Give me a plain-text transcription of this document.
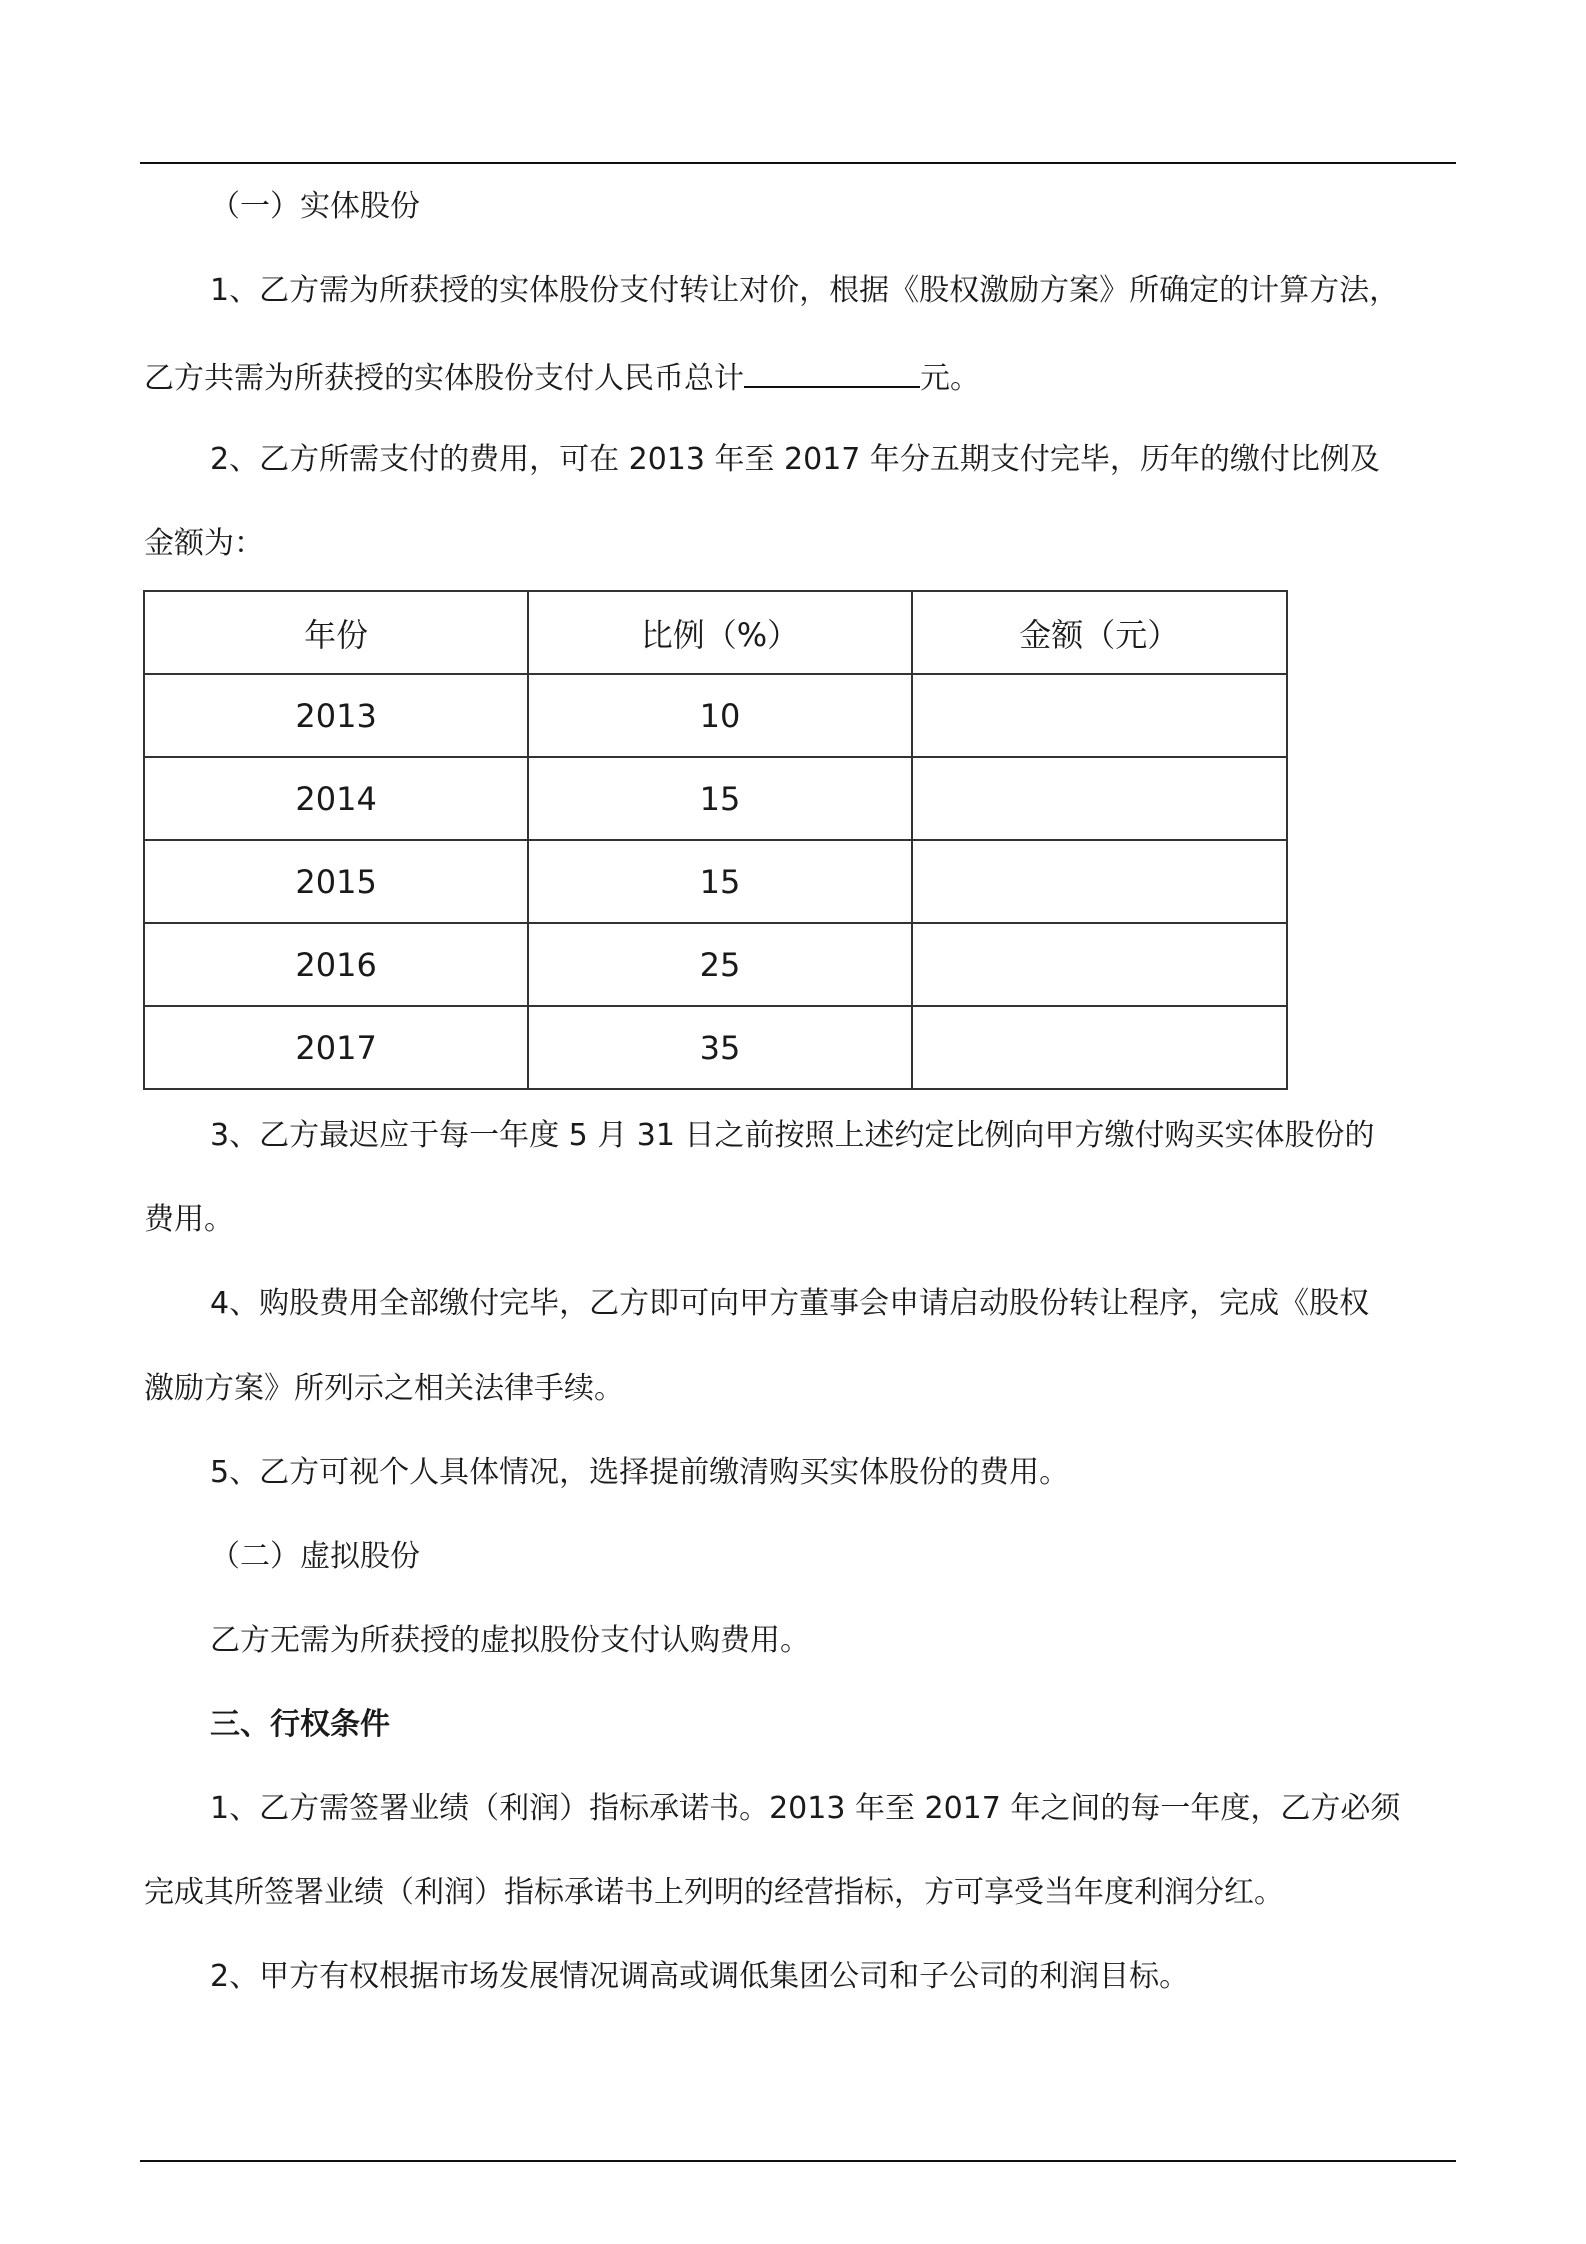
（一）实体股份

1、乙方需为所获授的实体股份支付转让对价，根据《股权激励方案》所确定的计算方法，

乙方共需为所获授的实体股份支付人民币总计	元。

2、乙方所需支付的费用，可在 2013 年至 2017 年分五期支付完毕，历年的缴付比例及

金额为：

年份	比例（%）	金额（元）
2013	10	
2014	15	
2015	15	
2016	25	
2017	35	

3、乙方最迟应于每一年度 5 月 31 日之前按照上述约定比例向甲方缴付购买实体股份的

费用。

4、购股费用全部缴付完毕，乙方即可向甲方董事会申请启动股份转让程序，完成《股权

激励方案》所列示之相关法律手续。

5、乙方可视个人具体情况，选择提前缴清购买实体股份的费用。

（二）虚拟股份

乙方无需为所获授的虚拟股份支付认购费用。

三、行权条件

1、乙方需签署业绩（利润）指标承诺书。2013 年至 2017 年之间的每一年度，乙方必须

完成其所签署业绩（利润）指标承诺书上列明的经营指标，方可享受当年度利润分红。

2、甲方有权根据市场发展情况调高或调低集团公司和子公司的利润目标。
